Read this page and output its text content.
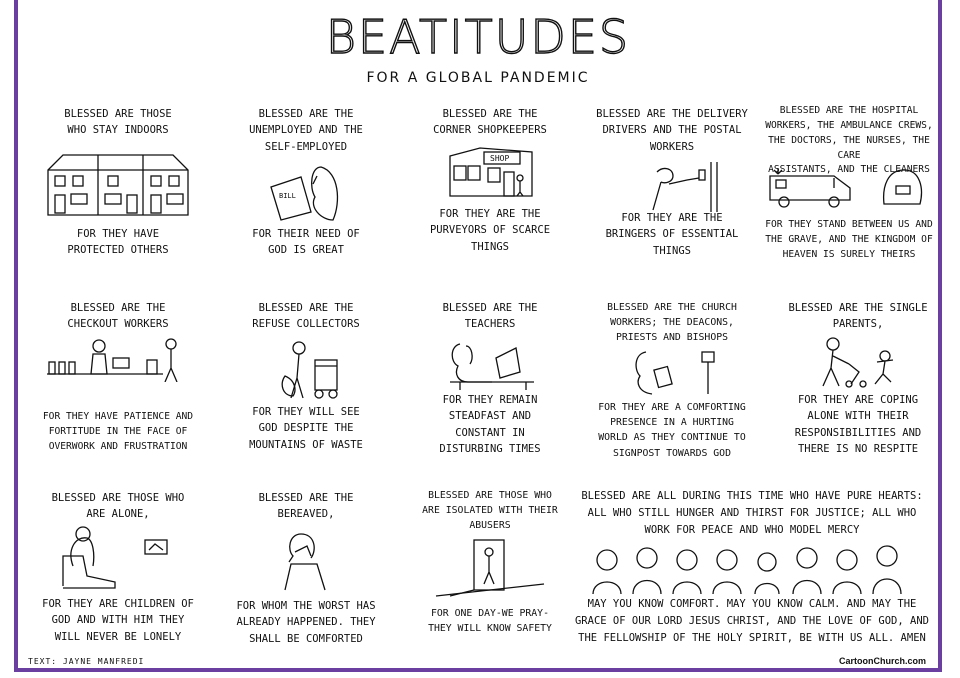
BEATITUDES
FOR A GLOBAL PANDEMIC
BLESSED ARE THOSE
WHO STAY INDOORS
FOR THEY HAVE
PROTECTED OTHERS
BLESSED ARE THE
UNEMPLOYED AND THE
SELF-EMPLOYED
BILL
FOR THEIR NEED OF
GOD IS GREAT
BLESSED ARE THE
CORNER SHOPKEEPERS
SHOP
FOR THEY ARE THE
PURVEYORS OF SCARCE
THINGS
BLESSED ARE THE DELIVERY
DRIVERS AND THE POSTAL
WORKERS
FOR THEY ARE THE
BRINGERS OF ESSENTIAL
THINGS
BLESSED ARE THE HOSPITAL
WORKERS, THE AMBULANCE CREWS,
THE DOCTORS, THE NURSES, THE CARE
ASSISTANTS, AND THE CLEANERS
FOR THEY STAND BETWEEN US AND
THE GRAVE, AND THE KINGDOM OF
HEAVEN IS SURELY THEIRS
BLESSED ARE THE
CHECKOUT WORKERS
FOR THEY HAVE PATIENCE AND
FORTITUDE IN THE FACE OF
OVERWORK AND FRUSTRATION
BLESSED ARE THE
REFUSE COLLECTORS
FOR THEY WILL SEE
GOD DESPITE THE
MOUNTAINS OF WASTE
BLESSED ARE THE
TEACHERS
FOR THEY REMAIN
STEADFAST AND
CONSTANT IN
DISTURBING TIMES
BLESSED ARE THE CHURCH
WORKERS; THE DEACONS,
PRIESTS AND BISHOPS
FOR THEY ARE A COMFORTING
PRESENCE IN A HURTING
WORLD AS THEY CONTINUE TO
SIGNPOST TOWARDS GOD
BLESSED ARE THE SINGLE
PARENTS,
FOR THEY ARE COPING
ALONE WITH THEIR
RESPONSIBILITIES AND
THERE IS NO RESPITE
BLESSED ARE THOSE WHO
ARE ALONE,
FOR THEY ARE CHILDREN OF
GOD AND WITH HIM THEY
WILL NEVER BE LONELY
BLESSED ARE THE
BEREAVED,
FOR WHOM THE WORST HAS
ALREADY HAPPENED. THEY
SHALL BE COMFORTED
BLESSED ARE THOSE WHO
ARE ISOLATED WITH THEIR
ABUSERS
FOR ONE DAY-WE PRAY-
THEY WILL KNOW SAFETY
BLESSED ARE ALL DURING THIS TIME WHO HAVE PURE HEARTS:
ALL WHO STILL HUNGER AND THIRST FOR JUSTICE; ALL WHO
WORK FOR PEACE AND WHO MODEL MERCY
MAY YOU KNOW COMFORT. MAY YOU KNOW CALM. AND MAY THE
GRACE OF OUR LORD JESUS CHRIST, AND THE LOVE OF GOD, AND
THE FELLOWSHIP OF THE HOLY SPIRIT, BE WITH US ALL. AMEN
TEXT: JAYNE MANFREDI	CartoonChurch.com
